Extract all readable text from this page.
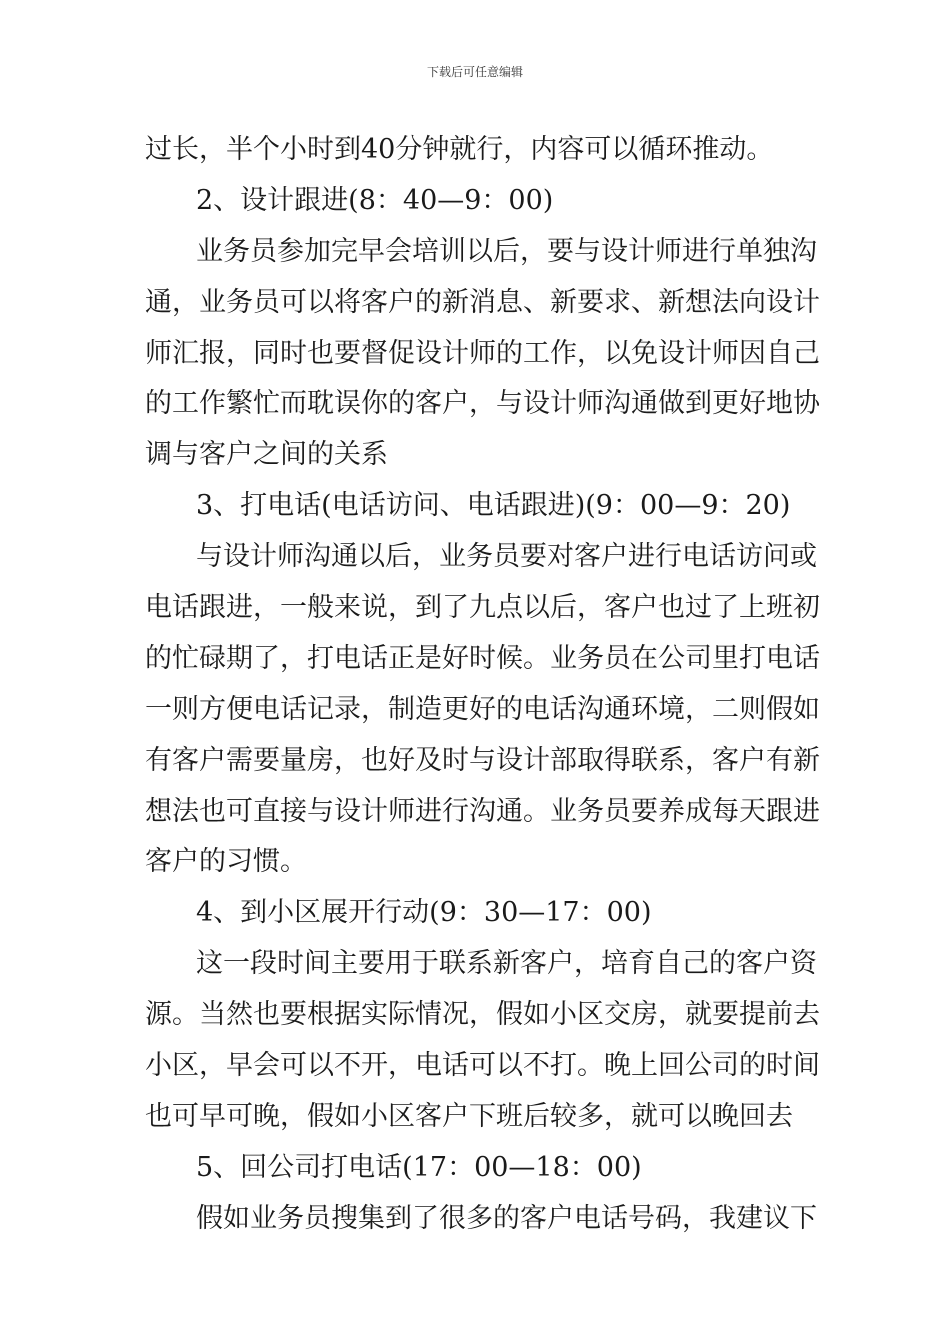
下载后可任意编辑
过长，半个小时到40分钟就行，内容可以循环推动。
2、设计跟进(8：40—9：00)
业务员参加完早会培训以后，要与设计师进行单独沟
通，业务员可以将客户的新消息、新要求、新想法向设计
师汇报，同时也要督促设计师的工作，以免设计师因自己
的工作繁忙而耽误你的客户，与设计师沟通做到更好地协
调与客户之间的关系
3、打电话(电话访问、电话跟进)(9：00—9：20)
与设计师沟通以后，业务员要对客户进行电话访问或
电话跟进，一般来说，到了九点以后，客户也过了上班初
的忙碌期了，打电话正是好时候。业务员在公司里打电话
一则方便电话记录，制造更好的电话沟通环境，二则假如
有客户需要量房，也好及时与设计部取得联系，客户有新
想法也可直接与设计师进行沟通。业务员要养成每天跟进
客户的习惯。
4、到小区展开行动(9：30—17：00)
这一段时间主要用于联系新客户，培育自己的客户资
源。当然也要根据实际情况，假如小区交房，就要提前去
小区，早会可以不开，电话可以不打。晚上回公司的时间
也可早可晚，假如小区客户下班后较多，就可以晚回去
5、回公司打电话(17：00—18：00)
假如业务员搜集到了很多的客户电话号码，我建议下
